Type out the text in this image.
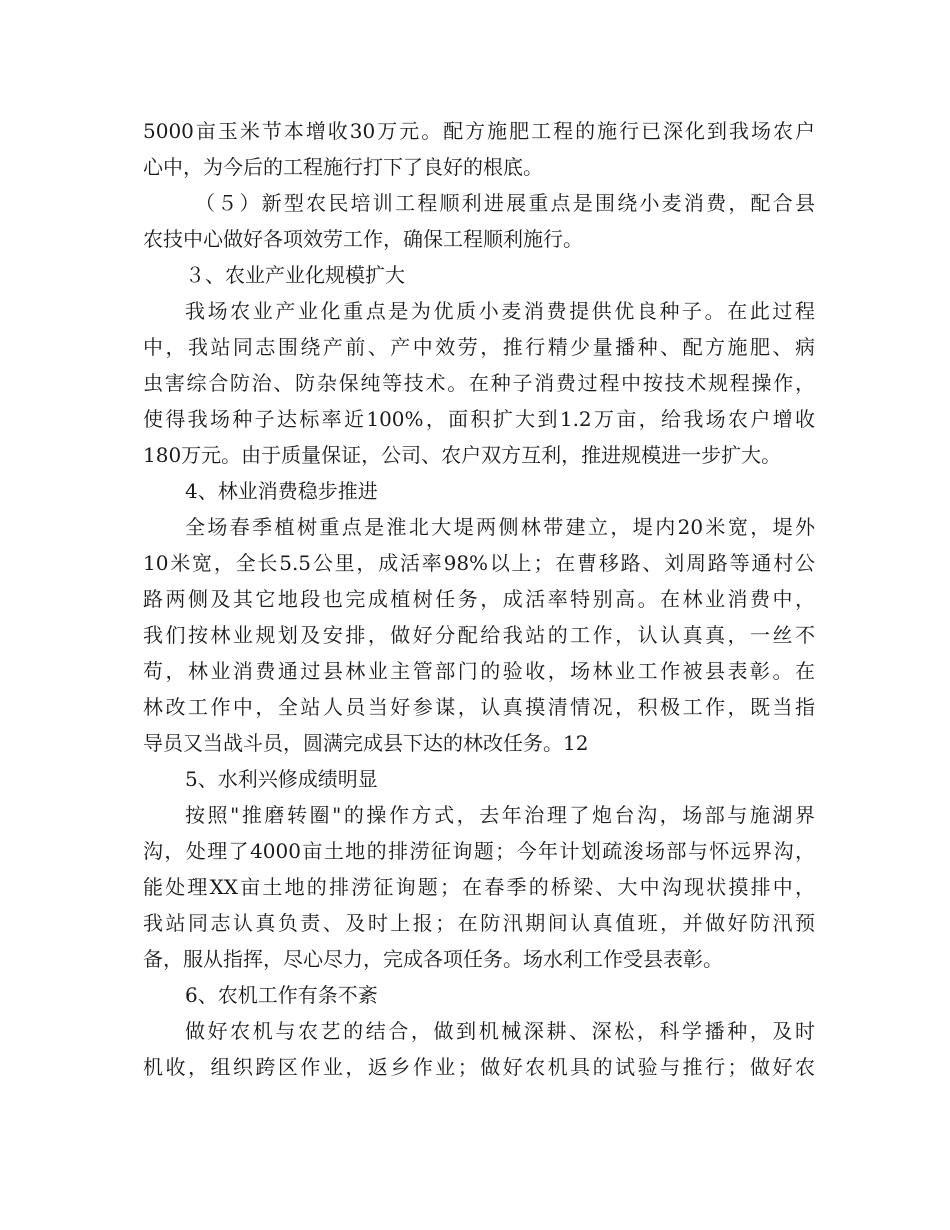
5000亩玉米节本增收30万元。配方施肥工程的施行已深化到我场农户
心中，为今后的工程施行打下了良好的根底。
（５）新型农民培训工程顺利进展重点是围绕小麦消费，配合县
农技中心做好各项效劳工作，确保工程顺利施行。
３、农业产业化规模扩大
我场农业产业化重点是为优质小麦消费提供优良种子。在此过程
中，我站同志围绕产前、产中效劳，推行精少量播种、配方施肥、病
虫害综合防治、防杂保纯等技术。在种子消费过程中按技术规程操作，
使得我场种子达标率近100%，面积扩大到1.2万亩，给我场农户增收
180万元。由于质量保证，公司、农户双方互利，推进规模进一步扩大。
4、林业消费稳步推进
全场春季植树重点是淮北大堤两侧林带建立，堤内20米宽，堤外
10米宽，全长5.5公里，成活率98%以上；在曹移路、刘周路等通村公
路两侧及其它地段也完成植树任务，成活率特别高。在林业消费中，
我们按林业规划及安排，做好分配给我站的工作，认认真真，一丝不
苟，林业消费通过县林业主管部门的验收，场林业工作被县表彰。在
林改工作中，全站人员当好参谋，认真摸清情况，积极工作，既当指
导员又当战斗员，圆满完成县下达的林改任务。12
5、水利兴修成绩明显
按照"推磨转圈"的操作方式，去年治理了炮台沟，场部与施湖界
沟，处理了4000亩土地的排涝征询题；今年计划疏浚场部与怀远界沟，
能处理XX亩土地的排涝征询题；在春季的桥梁、大中沟现状摸排中，
我站同志认真负责、及时上报；在防汛期间认真值班，并做好防汛预
备，服从指挥，尽心尽力，完成各项任务。场水利工作受县表彰。
6、农机工作有条不紊
做好农机与农艺的结合，做到机械深耕、深松，科学播种，及时
机收，组织跨区作业，返乡作业；做好农机具的试验与推行；做好农
